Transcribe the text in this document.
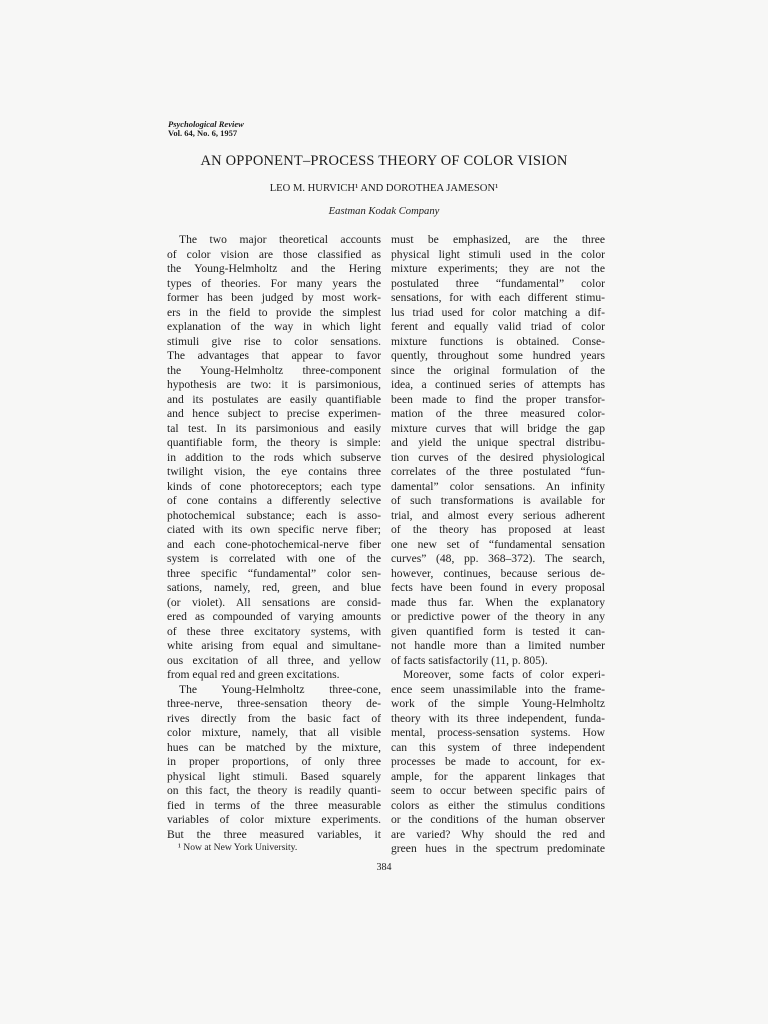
Psychological Review
Vol. 64, No. 6, 1957
AN OPPONENT–PROCESS THEORY OF COLOR VISION
LEO M. HURVICH¹ AND DOROTHEA JAMESON¹
Eastman Kodak Company
The two major theoretical accounts
of color vision are those classified as
the Young-Helmholtz and the Hering
types of theories. For many years the
former has been judged by most work-
ers in the field to provide the simplest
explanation of the way in which light
stimuli give rise to color sensations.
The advantages that appear to favor
the Young-Helmholtz three-component
hypothesis are two: it is parsimonious,
and its postulates are easily quantifiable
and hence subject to precise experimen-
tal test. In its parsimonious and easily
quantifiable form, the theory is simple:
in addition to the rods which subserve
twilight vision, the eye contains three
kinds of cone photoreceptors; each type
of cone contains a differently selective
photochemical substance; each is asso-
ciated with its own specific nerve fiber;
and each cone-photochemical-nerve fiber
system is correlated with one of the
three specific “fundamental” color sen-
sations, namely, red, green, and blue
(or violet). All sensations are consid-
ered as compounded of varying amounts
of these three excitatory systems, with
white arising from equal and simultane-
ous excitation of all three, and yellow
from equal red and green excitations.
The Young-Helmholtz three-cone,
three-nerve, three-sensation theory de-
rives directly from the basic fact of
color mixture, namely, that all visible
hues can be matched by the mixture,
in proper proportions, of only three
physical light stimuli. Based squarely
on this fact, the theory is readily quanti-
fied in terms of the three measurable
variables of color mixture experiments.
But the three measured variables, it
must be emphasized, are the three
physical light stimuli used in the color
mixture experiments; they are not the
postulated three “fundamental” color
sensations, for with each different stimu-
lus triad used for color matching a dif-
ferent and equally valid triad of color
mixture functions is obtained. Conse-
quently, throughout some hundred years
since the original formulation of the
idea, a continued series of attempts has
been made to find the proper transfor-
mation of the three measured color-
mixture curves that will bridge the gap
and yield the unique spectral distribu-
tion curves of the desired physiological
correlates of the three postulated “fun-
damental” color sensations. An infinity
of such transformations is available for
trial, and almost every serious adherent
of the theory has proposed at least
one new set of “fundamental sensation
curves” (48, pp. 368–372). The search,
however, continues, because serious de-
fects have been found in every proposal
made thus far. When the explanatory
or predictive power of the theory in any
given quantified form is tested it can-
not handle more than a limited number
of facts satisfactorily (11, p. 805).
Moreover, some facts of color experi-
ence seem unassimilable into the frame-
work of the simple Young-Helmholtz
theory with its three independent, funda-
mental, process-sensation systems. How
can this system of three independent
processes be made to account, for ex-
ample, for the apparent linkages that
seem to occur between specific pairs of
colors as either the stimulus conditions
or the conditions of the human observer
are varied? Why should the red and
green hues in the spectrum predominate
¹ Now at New York University.
384
